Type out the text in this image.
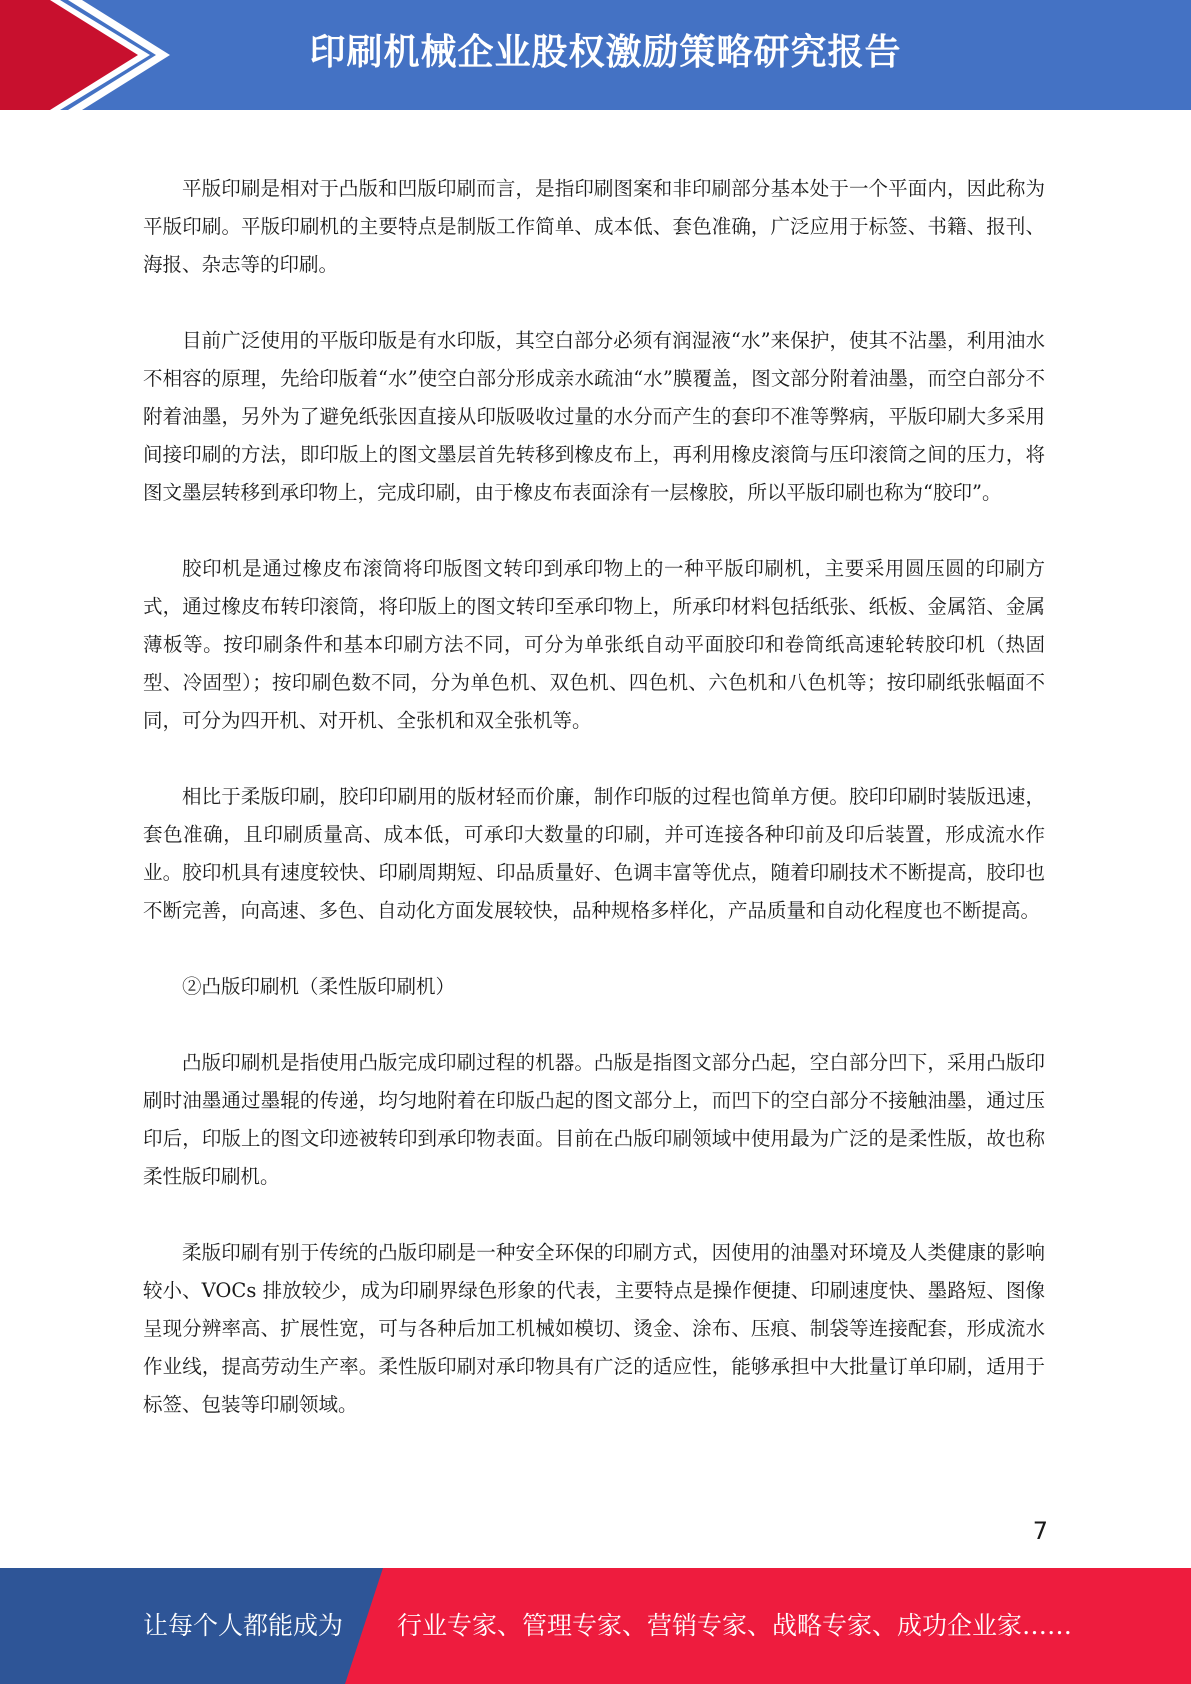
印刷机械企业股权激励策略研究报告

平版印刷是相对于凸版和凹版印刷而言，是指印刷图案和非印刷部分基本处于一个平面内，因此称为平版印刷。平版印刷机的主要特点是制版工作简单、成本低、套色准确，广泛应用于标签、书籍、报刊、海报、杂志等的印刷。

目前广泛使用的平版印版是有水印版，其空白部分必须有润湿液“水”来保护，使其不沾墨，利用油水不相容的原理，先给印版着“水”使空白部分形成亲水疏油“水”膜覆盖，图文部分附着油墨，而空白部分不附着油墨，另外为了避免纸张因直接从印版吸收过量的水分而产生的套印不准等弊病，平版印刷大多采用间接印刷的方法，即印版上的图文墨层首先转移到橡皮布上，再利用橡皮滚筒与压印滚筒之间的压力，将图文墨层转移到承印物上，完成印刷，由于橡皮布表面涂有一层橡胶，所以平版印刷也称为“胶印”。

胶印机是通过橡皮布滚筒将印版图文转印到承印物上的一种平版印刷机，主要采用圆压圆的印刷方式，通过橡皮布转印滚筒，将印版上的图文转印至承印物上，所承印材料包括纸张、纸板、金属箔、金属薄板等。按印刷条件和基本印刷方法不同，可分为单张纸自动平面胶印和卷筒纸高速轮转胶印机（热固型、冷固型）；按印刷色数不同，分为单色机、双色机、四色机、六色机和八色机等；按印刷纸张幅面不同，可分为四开机、对开机、全张机和双全张机等。

相比于柔版印刷，胶印印刷用的版材轻而价廉，制作印版的过程也简单方便。胶印印刷时装版迅速，套色准确，且印刷质量高、成本低，可承印大数量的印刷，并可连接各种印前及印后装置，形成流水作业。胶印机具有速度较快、印刷周期短、印品质量好、色调丰富等优点，随着印刷技术不断提高，胶印也不断完善，向高速、多色、自动化方面发展较快，品种规格多样化，产品质量和自动化程度也不断提高。

②凸版印刷机（柔性版印刷机）

凸版印刷机是指使用凸版完成印刷过程的机器。凸版是指图文部分凸起，空白部分凹下，采用凸版印刷时油墨通过墨辊的传递，均匀地附着在印版凸起的图文部分上，而凹下的空白部分不接触油墨，通过压印后，印版上的图文印迹被转印到承印物表面。目前在凸版印刷领域中使用最为广泛的是柔性版，故也称柔性版印刷机。

柔版印刷有别于传统的凸版印刷是一种安全环保的印刷方式，因使用的油墨对环境及人类健康的影响较小、VOCs 排放较少，成为印刷界绿色形象的代表，主要特点是操作便捷、印刷速度快、墨路短、图像呈现分辨率高、扩展性宽，可与各种后加工机械如模切、烫金、涂布、压痕、制袋等连接配套，形成流水作业线，提高劳动生产率。柔性版印刷对承印物具有广泛的适应性，能够承担中大批量订单印刷，适用于标签、包装等印刷领域。

7
让每个人都能成为 行业专家、管理专家、营销专家、战略专家、成功企业家……
